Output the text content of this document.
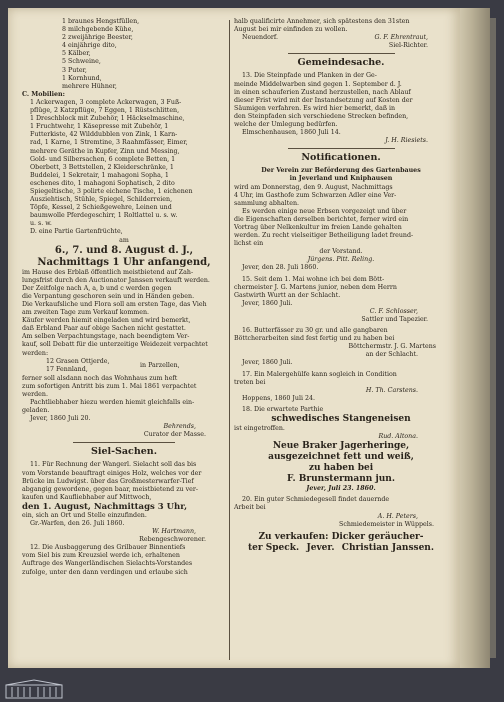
1 braunes Hengstfüllen,

8 milchgebende Kühe,

2 zweijährige Beester,

4 einjährige dito,

5 Kälber,

5 Schweine,

3 Puter,

1 Kornhund,

mehrere Hühner,

C. Mobilien:

1 Ackerwagen, 3 complete Ackerwagen, 3 Fuß-

pflüge, 2 Katzpflüge, 7 Eggen, 1 Rüstschlitten,

1 Dreschblock mit Zubehör, 1 Häckselmaschine,

1 Fruchtwehr, 1 Käsepresse mit Zubehör, 1

Futterkiste, 42 Wilddubblen von Zink, 1 Karn-

rad, 1 Karne, 1 Stremtine, 3 Raahmfässer, Eimer,

mehrere Geräthe in Kupfer, Zinn und Messing,

Gold- und Silbersachen, 6 complete Betten, 1

Oberbett, 3 Bettstellen, 2 Kleiderschränke, 1

Buddelei, 1 Sekretair, 1 mahagoni Sopha, 1

eschenes dito, 1 mahagoni Sophatisch, 2 dito

Spiegeltische, 3 polirte eichene Tische, 1 eichenen

Ausziehtisch, Stühle, Spiegel, Schilderreien,

Töpfe, Kessel, 2 Schießgewehre, Leinen und

baumwolle Pferdegeschirr, 1 Roltlattel u. s. w.

u. s. w.

D. eine Partie Gartenfrüchte,

am

6., 7. und 8. August d. J.,

Nachmittags 1 Uhr anfangend,

im Hause des Erblaß öffentlich meistbietend auf Zah-

lungsfrist durch den Auctionator Janssen verkauft werden.

Der Zeitfolge nach A, a, b und c werden gegen

die Verpantung geschoren sein und in Händen geben.

Die Verkaufsliche und Flora soll am ersten Tage, das Vieh

am zweiten Tage zum Verkauf kommen.

Käufer werden hiemit eingeladen und wird bemerkt,

daß Erbland Paar auf obige Sachen nicht gestattet.

Am selben Verpachtungstage, nach beendigtem Ver-

kauf, soll Debatt für die unterzeitige Weidezeit verpachtet

werden:

12 Grasen Ottjerde,

17 Fennland,

in Parzellen,

ferner soll alsdann noch das Wohnhaus zum heft

zum sofortigen Antritt bis zum 1. Mai 1861 verpachtet

werden.

Pachtliebhaber hiezu werden hiemit gleichfalls ein-

geladen.

Jever, 1860 Juli 20.

Behrends,

Curator der Masse.

Siel-Sachen.

11. Für Rechnung der Wangerl. Sielacht soll das bis

vom Vorstande beauftragt einiges Holz, welches vor der

Brücke im Ludwigst. über das Großmesterwarfer-Tief

abgangig gewordene, gegen baar, meistbietend zu ver-

kaufen und Kaufliebhaber auf Mittwoch,

den 1. August, Nachmittags 3 Uhr,

ein, sich an Ort und Stelle einzufinden.

Gr.-Warfen, den 26. Juli 1860.

W. Hartmann,

Rebengeschworener.

12. Die Ausbaggerung des Grilbauer Binnentiefs

vom Siel bis zum Kreuzsiel werde ich, erhaltenen

Auftrage des Wangerländischen Sielachts-Vorstandes

zufolge, unter den dann verdingen und erlaube sich

halb qualificirte Annehmer, sich spätestens den 31sten

August bei mir einfinden zu wollen.

Neuendorf.	G. F. Ehrentraut,

Siel-Richter.

Gemeindesache.

13. Die Steinpfade und Planken in der Ge-

meinde Middelwarben sind gegen 1. September d. J.

in einen schauferien Zustand herzustellen, nach Ablauf

dieser Frist wird mit der Instandsetzung auf Kosten der

Säumigen verfahren. Es wird hier bemerkt, daß in

den Steinpfaden sich verschiedene Strecken befinden,

welche der Umlegung bedürfen.

Elmschenhausen, 1860 Juli 14.

J. H. Riesiets.

Notificationen.

Der Verein zur Beförderung des Gartenbaues

in Jeverland und Kniphausen

wird am Donnerstag, den 9. August, Nachmittags

4 Uhr, im Gasthofe zum Schwarzen Adler eine Ver-

sammlung abhalten.

Es werden einige neue Erbsen vorgezeigt und über

die Eigenschaften derselben berichtet, ferner wird ein

Vortrag über Nelkenkultur im freien Lande gehalten

werden. Zu recht vielseitiger Betheiligung ladet freund-

lichst ein

der Vorstand.

Jürgens. Pitt. Reling.

Jever, den 28. Juli 1860.

15. Seit dem 1. Mai wohne ich bei dem Bött-

chermeister J. G. Martens junior, neben dem Herrn

Gastwirth Wurtt an der Schlacht.

Jever, 1860 Juli.

C. F. Schlosser,

Sattler und Tapezier.

16. Butterfässer zu 30 gr. und alle gangbaren

Böttcherarbeiten sind fest fertig und zu haben bei

Böttchermstr. J. G. Martens

an der Schlacht.

Jever, 1860 Juli.

17. Ein Malergehülfe kann sogleich in Condition

treten bei

H. Th. Carstens.

Hoppens, 1860 Juli 24.

18. Die erwartete Parthie

schwedisches Stangeneisen

ist eingetroffen.

Rud. Altona.

Neue Braker Jagerheringe,

ausgezeichnet fett und weiß,

zu haben bei

F. Brunstermann jun.

Jever, Juli 23. 1860.

20. Ein guter Schmiedegesell findet dauernde

Arbeit bei

A. H. Peters,

Schmiedemeister in Wüppels.

Zu verkaufen: Dicker geräucher-

ter Speck. Jever. Christian Janssen.
